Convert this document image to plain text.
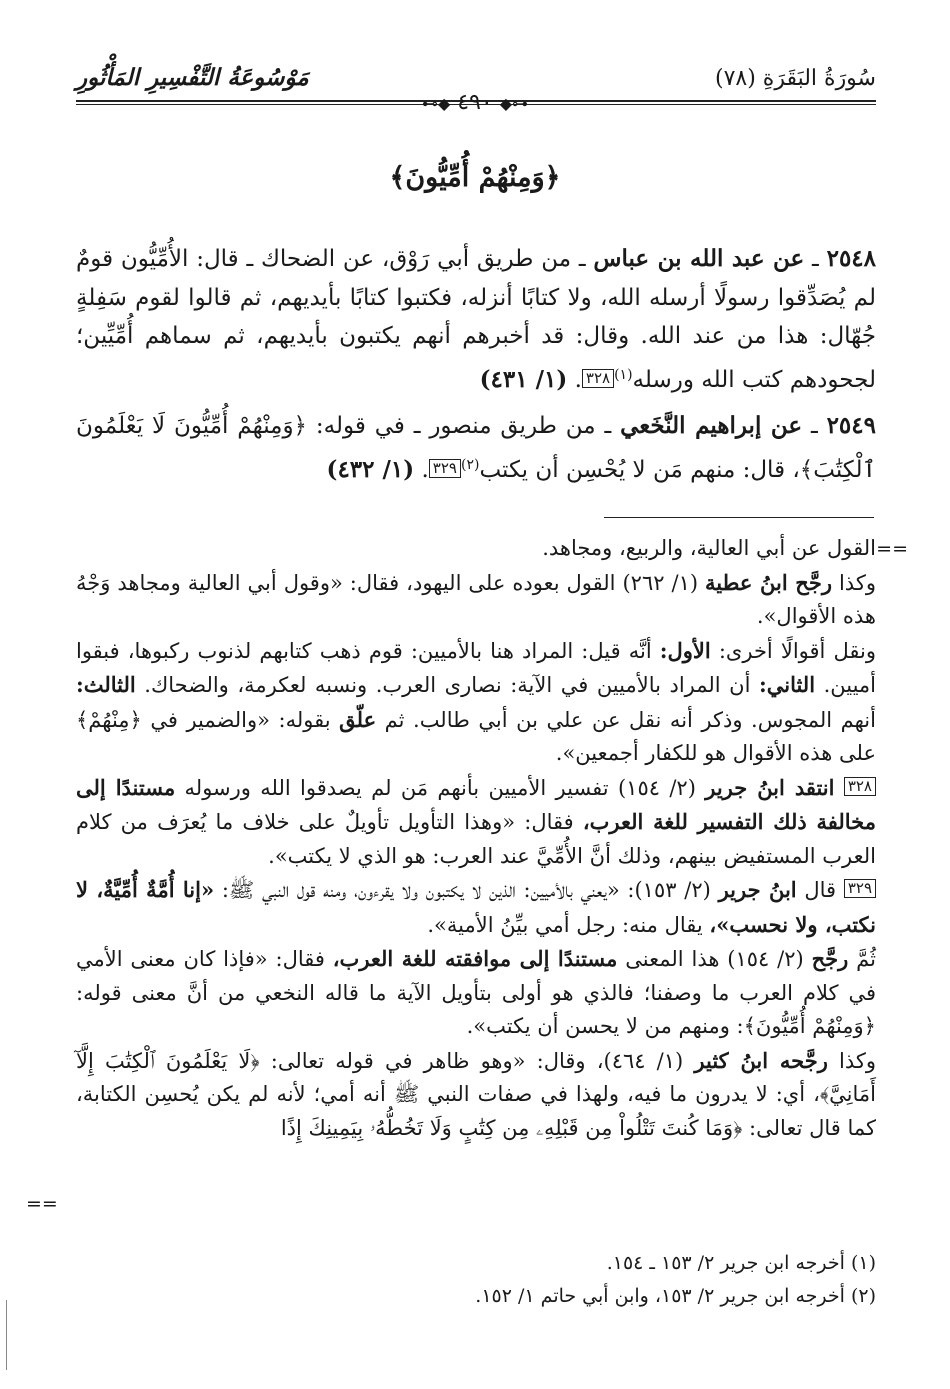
سُورَةُ البَقَرَةِ (٧٨)
مَوْسُوعَةُ التَّفْسِيرِ المَأْثُورِ
⊷◆ ٤٩٠ ◆⊶
﴿وَمِنْهُمْ أُمِّيُّونَ﴾

٢٥٤٨ ـ عن عبد الله بن عباس ـ من طريق أبي رَوْق، عن الضحاك ـ قال: الأُمِّيُّون قومٌ لم يُصَدِّقوا رسولًا أرسله الله، ولا كتابًا أنزله، فكتبوا كتابًا بأيديهم، ثم قالوا لقوم سَفِلةٍ جُهّال: هذا من عند الله. وقال: قد أخبرهم أنهم يكتبون بأيديهم، ثم سماهم أُمِّيِّين؛ لجحودهم كتب الله ورسله$^{(١)}$٣٢٨. (١/ ٤٣١)

٢٥٤٩ ـ عن إبراهيم النَّخَعي ـ من طريق منصور ـ في قوله: ﴿وَمِنْهُمْ أُمِّيُّونَ لَا يَعْلَمُونَ ٱلْكِتَٰبَ﴾، قال: منهم مَن لا يُحْسِن أن يكتب$^{(٢)}$٣٢٩. (١/ ٤٣٢)

==

القول عن أبي العالية، والربيع، ومجاهد.

وكذا رجَّح ابنُ عطية (١/ ٢٦٢) القول بعوده على اليهود، فقال: «وقول أبي العالية ومجاهد وَجْهُ هذه الأقوال».

ونقل أقوالًا أخرى: الأول: أنَّه قيل: المراد هنا بالأميين: قوم ذهب كتابهم لذنوب ركبوها، فبقوا أميين. الثاني: أن المراد بالأميين في الآية: نصارى العرب. ونسبه لعكرمة، والضحاك. الثالث: أنهم المجوس. وذكر أنه نقل عن علي بن أبي طالب. ثم علّق بقوله: «والضمير في ﴿مِنْهُمْ﴾ على هذه الأقوال هو للكفار أجمعين».

٣٢٨ انتقد ابنُ جرير (٢/ ١٥٤) تفسير الأميين بأنهم مَن لم يصدقوا الله ورسوله مستندًا إلى مخالفة ذلك التفسير للغة العرب، فقال: «وهذا التأويل تأويلٌ على خلاف ما يُعرَف من كلام العرب المستفيض بينهم، وذلك أنَّ الأُمِّيَّ عند العرب: هو الذي لا يكتب».

٣٢٩ قال ابنُ جرير (٢/ ١٥٣): «يعني بالأميين: الذين لا يكتبون ولا يقرءون، ومنه قول النبي ﷺ: «إنا أُمَّةٌ أُمِّيَّةٌ، لا نكتب، ولا نحسب»، يقال منه: رجل أمي بيِّنُ الأمية».

ثُمَّ رجَّح (٢/ ١٥٤) هذا المعنى مستندًا إلى موافقته للغة العرب، فقال: «فإذا كان معنى الأمي في كلام العرب ما وصفنا؛ فالذي هو أولى بتأويل الآية ما قاله النخعي من أنَّ معنى قوله: ﴿وَمِنْهُمْ أُمِّيُّونَ﴾: ومنهم من لا يحسن أن يكتب».

وكذا رجَّحه ابنُ كثير (١/ ٤٦٤)، وقال: «وهو ظاهر في قوله تعالى: ﴿لَا يَعْلَمُونَ ٱلْكِتَٰبَ إِلَّآ أَمَانِيَّ﴾، أي: لا يدرون ما فيه، ولهذا في صفات النبي ﷺ أنه أمي؛ لأنه لم يكن يُحسِن الكتابة، كما قال تعالى: ﴿وَمَا كُنتَ تَتْلُواْ مِن قَبْلِهِۦ مِن كِتَٰبٍ وَلَا تَخُطُّهُۥ بِيَمِينِكَ إِذًا

==

(١) أخرجه ابن جرير ٢/ ١٥٣ ـ ١٥٤.

(٢) أخرجه ابن جرير ٢/ ١٥٣، وابن أبي حاتم ١/ ١٥٢.
